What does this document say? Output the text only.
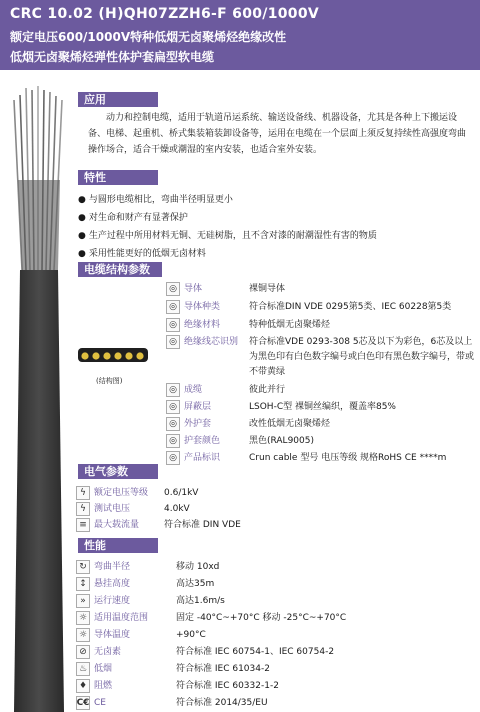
CRC 10.02 (H)QH07ZZH6-F 600/1000V
额定电压600/1000V特种低烟无卤聚烯烃绝缘改性
低烟无卤聚烯烃弹性体护套扁型软电缆
应用
动力和控制电缆，适用于轨道吊运系统、输送设备线、机器设备，尤其是各种上下搬运设备、电梯、起重机、桥式集装箱装卸设备等，运用在电缆在一个层面上须反复持续性高强度弯曲操作场合，适合干燥或潮湿的室内安装，也适合室外安装。
特性
● 与圆形电缆相比，弯曲半径明显更小
● 对生命和财产有显著保护
● 生产过程中所用材料无铜、无硅树脂，且不含对漆的耐潮湿性有害的物质
● 采用性能更好的低烟无卤材料
电缆结构参数
(结构图)
◎ 导体	裸铜导体
◎ 导体种类	符合标准DIN VDE 0295第5类、IEC 60228第5类
◎ 绝缘材料	特种低烟无卤聚烯烃
◎ 绝缘线芯识别 符合标准VDE 0293-308 5芯及以下为彩色，6芯及以上为黑色印有白色数字编号或白色印有黑色数字编号，带或不带黄绿
◎ 成缆	彼此并行
◎ 屏蔽层	LSOH-C型 裸铜丝编织，覆盖率85%
◎ 外护套	改性低烟无卤聚烯烃
◎ 护套颜色	黑色(RAL9005)
◎ 产品标识	Crun cable 型号 电压等级 规格RoHS CE ****m
电气参数
ϟ 额定电压等级 0.6/1kV
ϟ 测试电压	4.0kV
≡ 最大载流量	符合标准 DIN VDE
性能
↻ 弯曲半径	移动 10xd
↕ 悬挂高度	高达35m
» 运行速度	高达1.6m/s
☼ 适用温度范围	固定 -40°C~+70°C 移动 -25°C~+70°C
☼ 导体温度	+90°C
⊘ 无卤素	符合标准 IEC 60754-1、IEC 60754-2
♨ 低烟	符合标准 IEC 61034-2
♦ 阻燃	符合标准 IEC 60332-1-2
C€ CE	符合标准 2014/35/EU
